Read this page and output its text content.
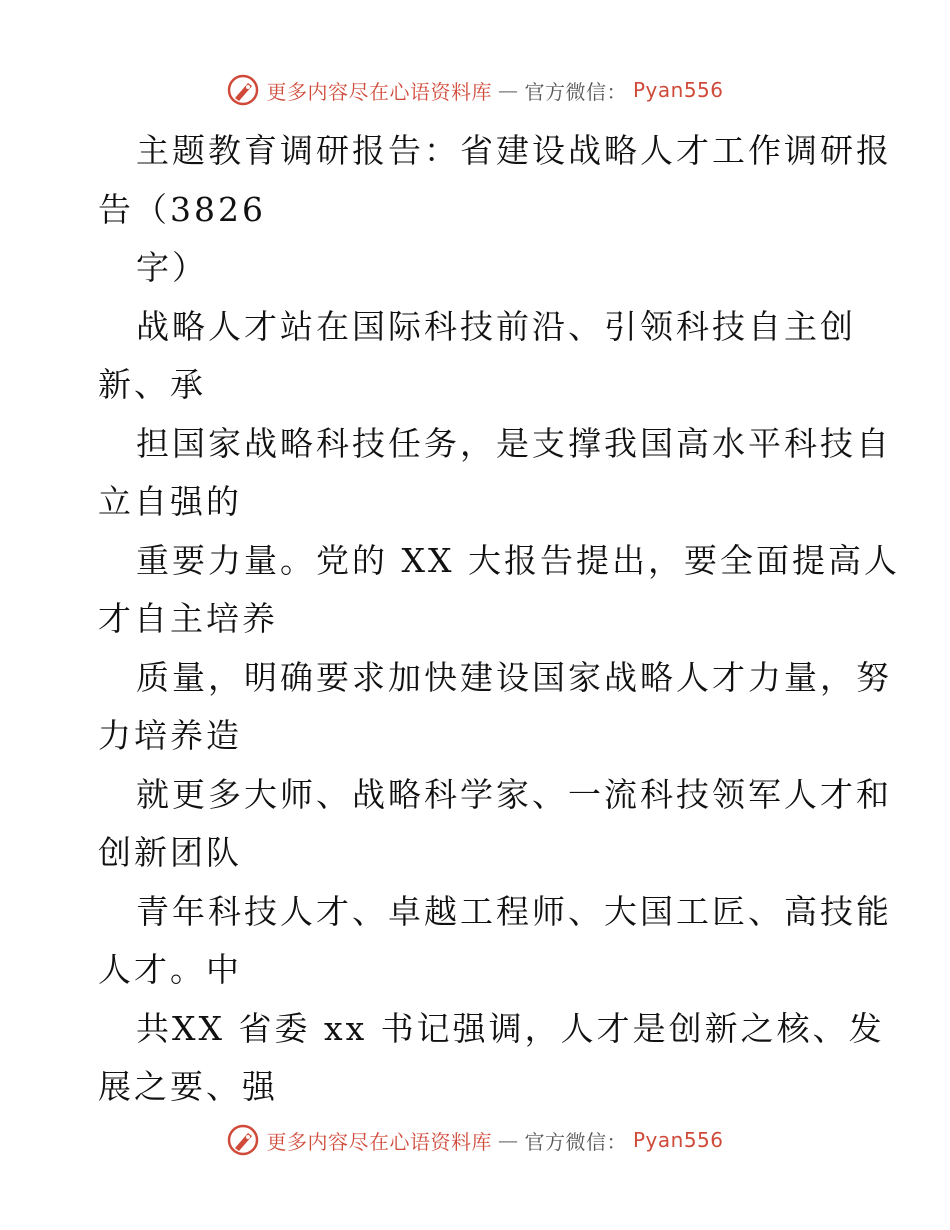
更多内容尽在心语资料库 — 官方微信： Pyan556
主题教育调研报告：省建设战略人才工作调研报
告（3826
字）
战略人才站在国际科技前沿、引领科技自主创
新、承
担国家战略科技任务，是支撑我国高水平科技自
立自强的
重要力量。党的 XX 大报告提出，要全面提高人
才自主培养
质量，明确要求加快建设国家战略人才力量，努
力培养造
就更多大师、战略科学家、一流科技领军人才和
创新团队
青年科技人才、卓越工程师、大国工匠、高技能
人才。中
共XX 省委 xx 书记强调，人才是创新之核、发
展之要、强
更多内容尽在心语资料库 — 官方微信： Pyan556
